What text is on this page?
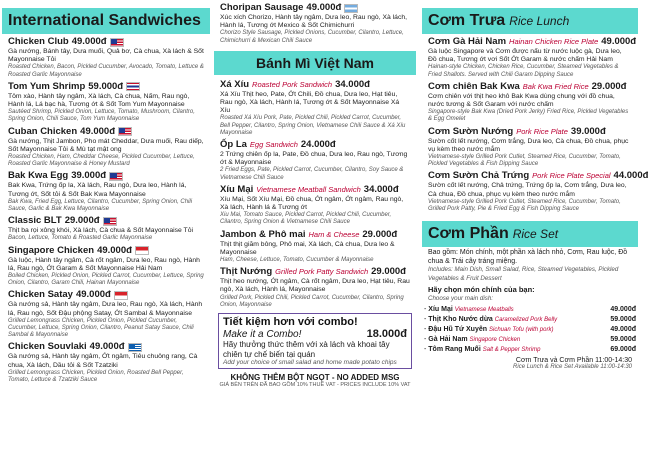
International Sandwiches
Chicken Club 49.000đ
Gà nướng, Bánh tây, Dưa muối, Quả bơ, Cà chua, Xà lách & Sốt Mayonnaise Tỏi
Roasted Chicken, Bacon, Pickled Cucumber, Avocado, Tomato, Lettuce & Roasted Garlic Mayonnaise
Tom Yum Shrimp 59.000đ
Tôm xào, Hành tây ngâm, Xà lách, Cà chua, Nấm, Rau ngò, Hành lá, Lá bạc hà, Tương ớt & Sốt Tom Yum Mayonnaise
Sautéed Shrimp, Pickled Onion, Lettuce, Tomato, Mushroom, Cilantro, Spring Onion, Chili Sauce, Tom Yum Mayonnaise
Cuban Chicken 49.000đ
Gà nướng, Thịt Jambon, Pho mát Cheddar, Dưa muối, Rau diếp, Sốt Mayonnaise Tỏi & Mù tạt mật ong
Roasted Chicken, Ham, Cheddar Cheese, Pickled Cucumber, Lettuce, Roasted Garlic Mayonnaise & Honey Mustard
Bak Kwa Egg 39.000đ
Bak Kwa, Trứng ốp la, Xà lách, Rau ngò, Dưa leo, Hành lá, Tương ớt, Sốt tỏi & Sốt Bak Kwa Mayonnaise
Bak Kwa, Fried Egg, Lettuce, Cilantro, Cucumber, Spring Onion, Chili Sauce, Garlic & Bak Kwa Mayonnaise
Classic BLT 29.000đ
Thịt ba rọi xông khói, Xà lách, Cà chua & Sốt Mayonnaise Tỏi
Bacon, Lettuce, Tomato & Roasted Garlic Mayonnaise
Singapore Chicken 49.000đ
Gà luộc, Hành tây ngâm, Cà rốt ngâm, Dưa leo, Rau ngò, Hành lá, Rau ngò, Ớt Garam & Sốt Mayonnaise Hải Nam
Boiled Chicken, Pickled Onion, Pickled Carrot, Cucumber, Lettuce, Spring Onion, Cilantro, Garam Chili, Hainan Mayonnaise
Chicken Satay 49.000đ
Gà nướng sả, Hành tây ngâm, Dưa leo, Rau ngò, Xà lách, Hành lá, Rau ngò, Sốt Đậu phộng Satay, Ớt Sambal & Mayonnaise
Grilled Lemongrass Chicken, Pickled Onion, Pickled Cucumber, Cucumber, Lettuce, Spring Onion, Cilantro, Peanut Satay Sauce, Chili Sambal & Mayonnaise
Chicken Souvlaki 49.000đ
Gà nướng sả, Hành tây ngâm, Ớt ngâm, Tiêu chuông rang, Cà chua, Xà lách, Dầu tỏi & Sốt Tzatziki
Grilled Lemongrass Chicken, Pickled Onion, Roasted Bell Pepper, Tomato, Lettuce & Tzatziki Sauce
Choripan Sausage 49.000đ
Xúc xích Chorizo, Hành tây ngâm, Dưa leo, Rau ngò, Xà lách, Hành lá, Tương ớt Mexico & Sốt Chimichurri
Chorizo Style Sausage, Pickled Onions, Cucumber, Cilantro, Lettuce, Chimichurri & Mexican Chili Sauce
Bánh Mì Việt Nam
Xá Xíu Roasted Pork Sandwich 34.000đ
Xá Xíu Thịt heo, Pate, Ớt Chili, Đồ chua, Dưa leo, Hạt tiêu, Rau ngò, Xà lách, Hành lá, Tương ớt & Sốt Mayonnaise Xá Xíu
Roasted Xá Xíu Pork, Pate, Pickled Chili, Pickled Carrot, Cucumber, Bell Pepper, Cilantro, Spring Onion, Vietnamese Chili Sauce & Xá Xíu Mayonnaise
Ốp La Egg Sandwich 24.000đ
2 Trứng chiên ốp la, Pate, Đồ chua, Dưa leo, Rau ngò, Tương ớt & Mayonnaise
2 Fried Eggs, Pate, Pickled Carrot, Cucumber, Cilantro, Soy Sauce & Vietnamese Chili Sauce
Xíu Mại Vietnamese Meatball Sandwich 34.000đ
Xíu Mại, Sốt Xíu Mại, Đồ chua, Ớt ngâm, Ớt ngâm, Rau ngò, Xà lách, Hành lá & Tương ớt
Xiu Mai, Tomato Sauce, Pickled Carrot, Pickled Chili, Cucumber, Cilantro, Spring Onion & Vietnamese Chili Sauce
Jambon & Phô mai Ham & Cheese 29.000đ
Thịt thịt giăm bông, Phô mai, Xà lách, Cà chua, Dưa leo & Mayonnaise
Ham, Cheese, Lettuce, Tomato, Cucumber & Mayonnaise
Thịt Nướng Grilled Pork Patty Sandwich 29.000đ
Thịt heo nướng, Ớt ngâm, Cà rốt ngâm, Dưa leo, Hạt tiêu, Rau ngò, Xà lách, Hành lá, Mayonnaise
Grilled Pork, Pickled Chili, Pickled Carrot, Cucumber, Cilantro, Spring Onion, Mayonnaise
Tiết kiệm hơn với combo!
Make it a Combo!	18.000đ
Hãy thưởng thức thêm với xà lách và khoai tây chiên tự chế biến tại quán
Add your choice of small salad and home made potato chips
KHÔNG THÊM BỘT NGỌT - NO ADDED MSG
GIÁ BÊN TRÊN ĐÃ BAO GỒM 10% THUẾ VAT - PRICES INCLUDE 10% VAT
Cơm Trưa Rice Lunch
Cơm Gà Hải Nam Hainan Chicken Rice Plate 49.000đ
Gà luộc Singapore và Cơm được nấu từ nước luộc gà, Dưa leo, Đồ chua, Tương ớt vơi Sốt Ớt Garam & nước chấm Hải Nam
Hainan-style Chicken, Chicken Rice, Cucumber, Steamed Vegetables & Fried Shallots. Served with Chili Garam Dipping Sauce
Cơm chiên Bak Kwa Bak Kwa Fried Rice 29.000đ
Cơm chiên với thịt heo khô Bak Kwa dùng chung với đồ chua, nước tương & Sốt Garam với nước chấm
Singapore-style Bak Kwa (Dried Pork Jerky) Fried Rice, Pickled Vegetables & Egg Omelet
Cơm Sườn Nướng Pork Rice Plate 39.000đ
Sườn cốt lết nướng, Cơm trắng, Dưa leo, Cà chua, Đồ chua, phục vụ kèm theo nước mắm
Vietnamese-style Grilled Pork Cutlet, Steamed Rice, Cucumber, Tomato, Pickled Vegetables & Fish Dipping Sauce
Cơm Sườn Chả Trứng Pork Rice Plate Special 44.000đ
Sườn cốt lết nướng, Chả trứng, Trứng ốp la, Cơm trắng, Dưa leo, Cà chua, Đồ chua, phục vụ kèm theo nước mắm
Vietnamese-style Grilled Pork Cutlet, Steamed Rice, Cucumber, Tomato, Grilled Pork Patty, Pie & Fried Egg & Fish Dipping Sauce
Cơm Phần Rice Set
Bao gồm: Món chính, một phần xà lách nhỏ, Cơm, Rau luộc, Đồ chua & Trái cây tráng miệng.
Includes: Main Dish, Small Salad, Rice, Steamed Vegetables, Pickled Vegetables & Fruit Dessert
Hãy chọn món chính của bạn:
Choose your main dish:
- Xíu Mại Vietnamese Meatballs	49.000đ
- Thịt Kho Nước dừa Caramelized Pork Belly	59.000đ
- Đậu Hũ Tứ Xuyên Sichuan Tofu (with pork)	49.000đ
- Gà Hải Nam Singapore Chicken	59.000đ
- Tôm Rang Muối Salt & Pepper Shrimp	69.000đ
Cơm Trưa và Cơm Phần 11:00-14:30
Rice Lunch & Rice Set Available 11:00-14:30
